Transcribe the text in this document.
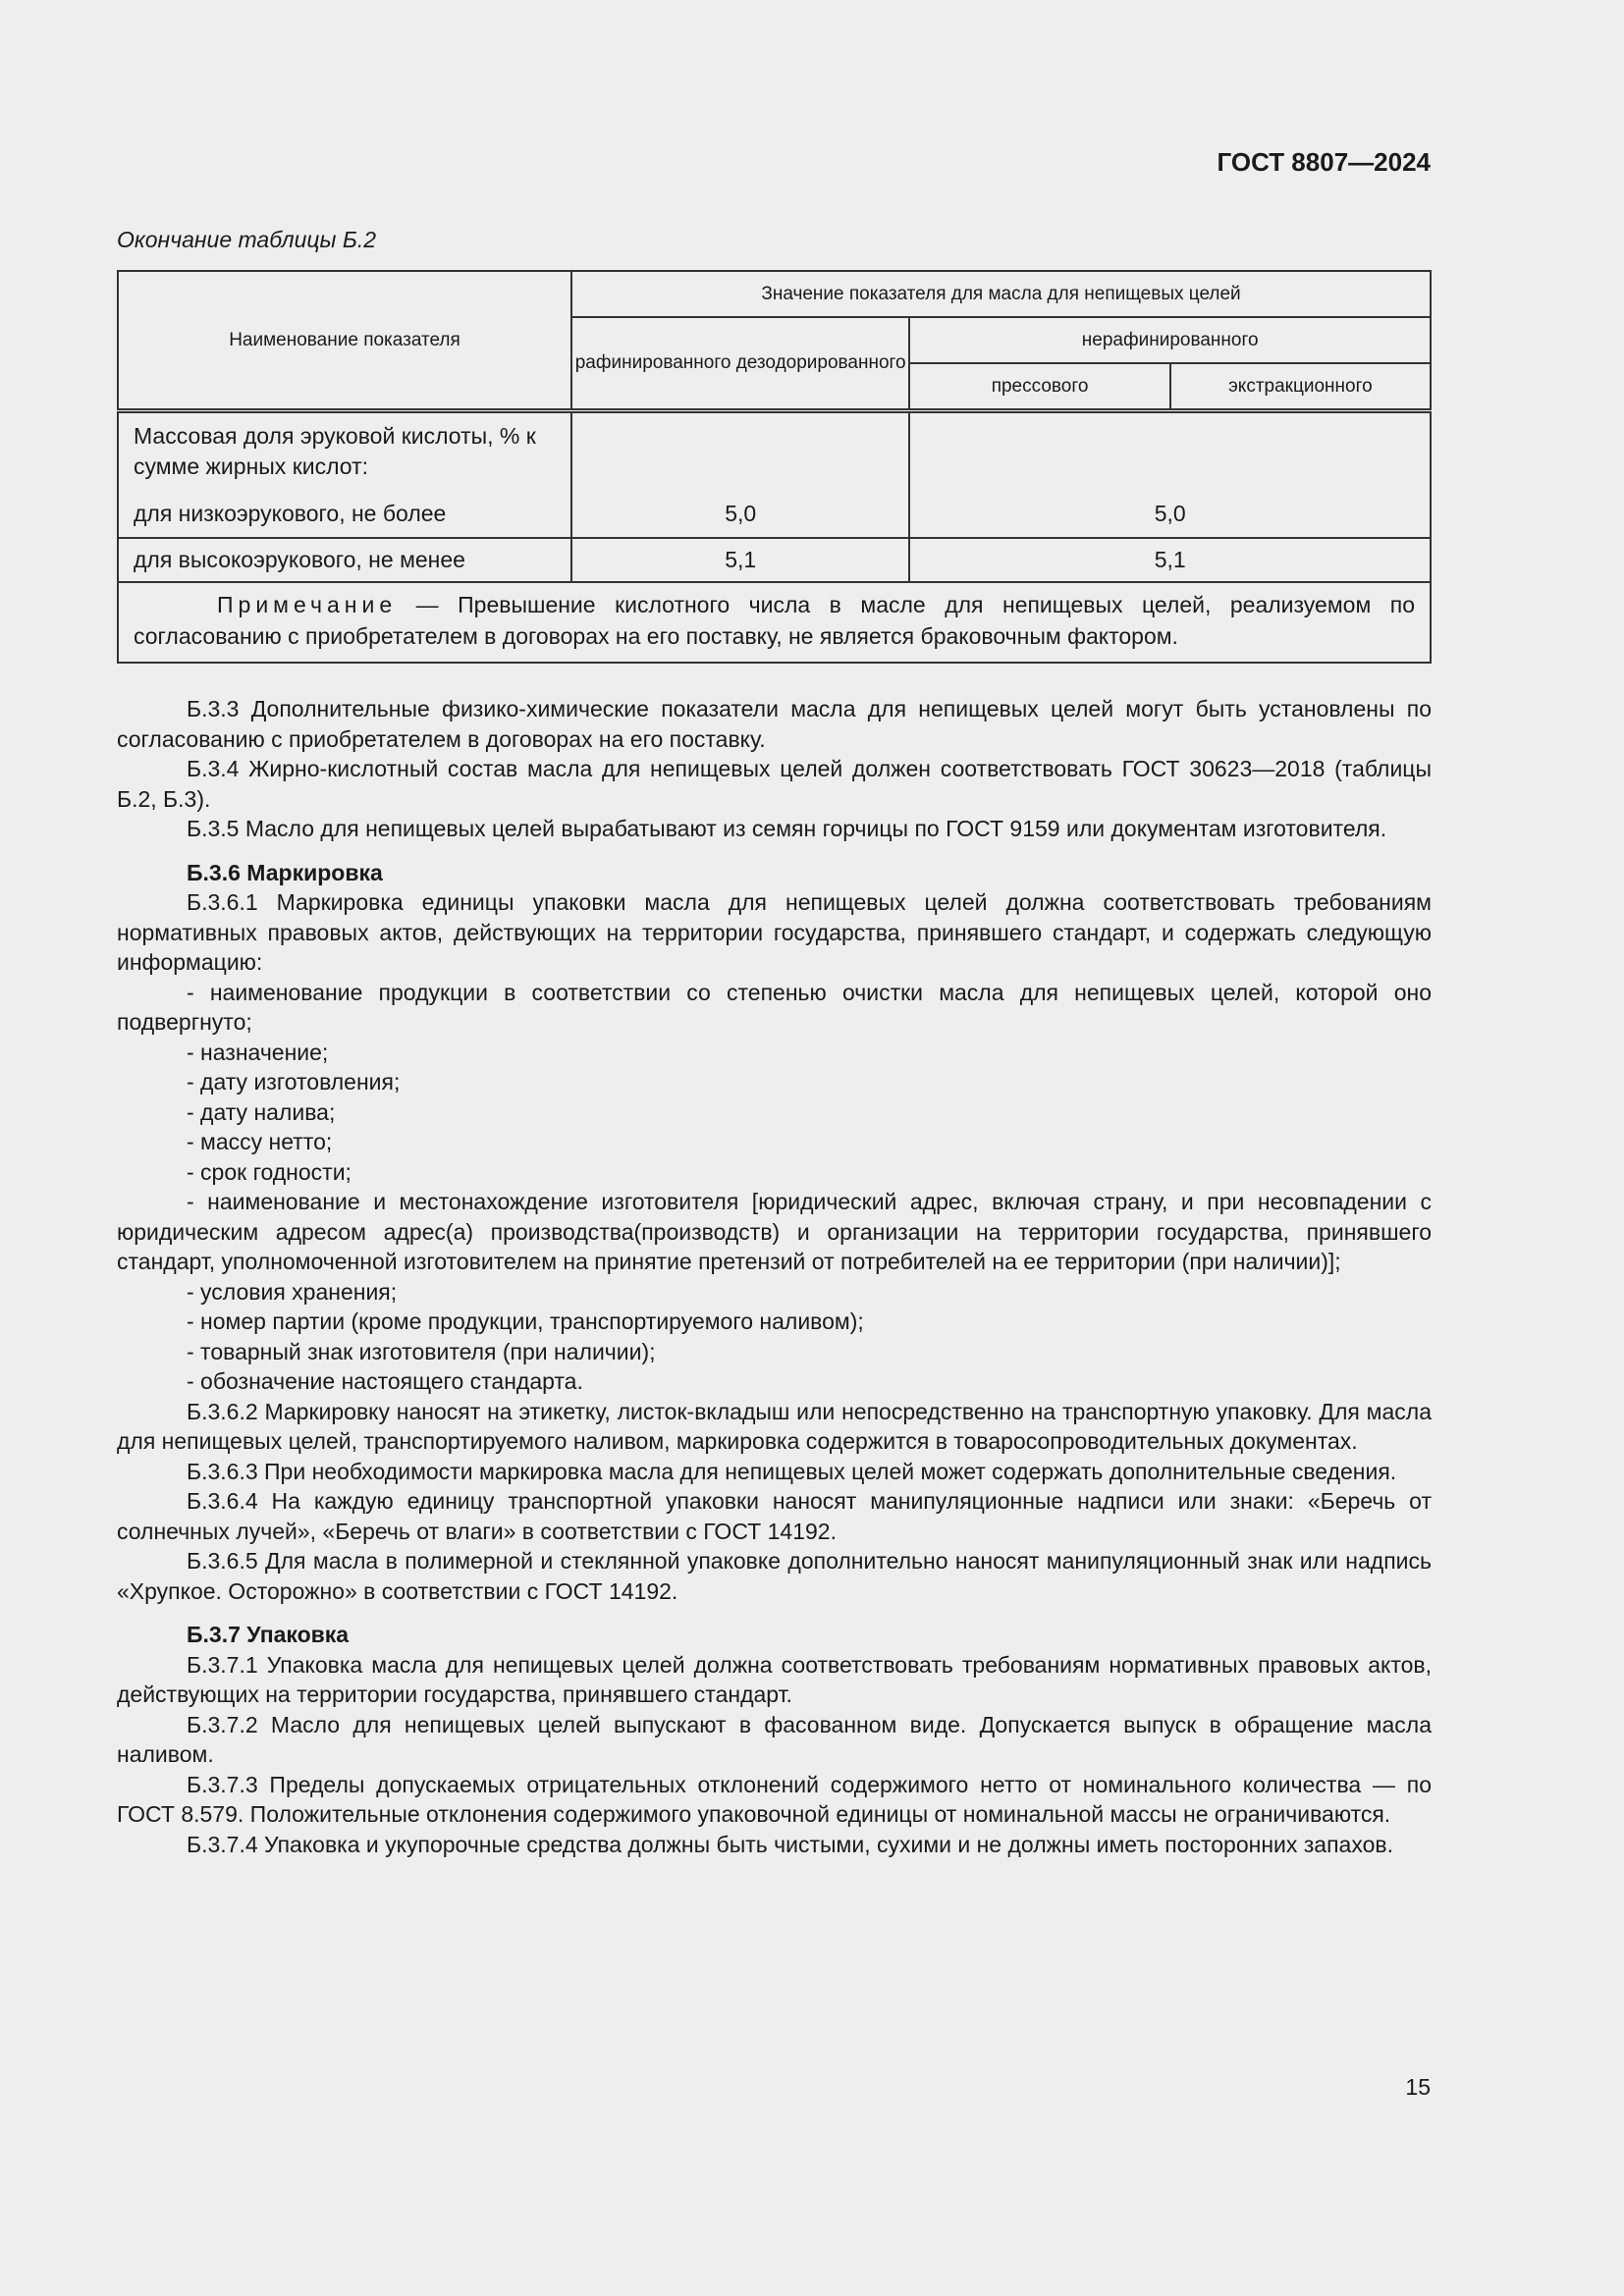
ГОСТ 8807—2024
Окончание таблицы Б.2
Наименование показателя	Значение показателя для масла для непищевых целей		
	рафинированного дезодорированного	нерафинированного	
		прессового	экстракционного

Массовая доля эруковой кислоты, % к сумме жирных кислот:
для низкоэрукового, не более	5,0	5,0	
для высокоэрукового, не менее	5,1	5,1	
Примечание — Превышение кислотного числа в масле для непищевых целей, реализуемом по согласованию с приобретателем в договорах на его поставку, не является браковочным фактором.			

Б.3.3 Дополнительные физико-химические показатели масла для непищевых целей могут быть установлены по согласованию с приобретателем в договорах на его поставку.

Б.3.4 Жирно-кислотный состав масла для непищевых целей должен соответствовать ГОСТ 30623—2018 (таблицы Б.2, Б.3).

Б.3.5 Масло для непищевых целей вырабатывают из семян горчицы по ГОСТ 9159 или документам изготовителя.

Б.3.6 Маркировка

Б.3.6.1 Маркировка единицы упаковки масла для непищевых целей должна соответствовать требованиям нормативных правовых актов, действующих на территории государства, принявшего стандарт, и содержать следующую информацию:

- наименование продукции в соответствии со степенью очистки масла для непищевых целей, которой оно подвергнуто;

- назначение;

- дату изготовления;

- дату налива;

- массу нетто;

- срок годности;

- наименование и местонахождение изготовителя [юридический адрес, включая страну, и при несовпадении с юридическим адресом адрес(а) производства(производств) и организации на территории государства, принявшего стандарт, уполномоченной изготовителем на принятие претензий от потребителей на ее территории (при наличии)];

- условия хранения;

- номер партии (кроме продукции, транспортируемого наливом);

- товарный знак изготовителя (при наличии);

- обозначение настоящего стандарта.

Б.3.6.2 Маркировку наносят на этикетку, листок-вкладыш или непосредственно на транспортную упаковку. Для масла для непищевых целей, транспортируемого наливом, маркировка содержится в товаросопроводительных документах.

Б.3.6.3 При необходимости маркировка масла для непищевых целей может содержать дополнительные сведения.

Б.3.6.4 На каждую единицу транспортной упаковки наносят манипуляционные надписи или знаки: «Беречь от солнечных лучей», «Беречь от влаги» в соответствии с ГОСТ 14192.

Б.3.6.5 Для масла в полимерной и стеклянной упаковке дополнительно наносят манипуляционный знак или надпись «Хрупкое. Осторожно» в соответствии с ГОСТ 14192.

Б.3.7 Упаковка

Б.3.7.1 Упаковка масла для непищевых целей должна соответствовать требованиям нормативных правовых актов, действующих на территории государства, принявшего стандарт.

Б.3.7.2 Масло для непищевых целей выпускают в фасованном виде. Допускается выпуск в обращение масла наливом.

Б.3.7.3 Пределы допускаемых отрицательных отклонений содержимого нетто от номинального количества — по ГОСТ 8.579. Положительные отклонения содержимого упаковочной единицы от номинальной массы не ограничиваются.

Б.3.7.4 Упаковка и укупорочные средства должны быть чистыми, сухими и не должны иметь посторонних запахов.

15
